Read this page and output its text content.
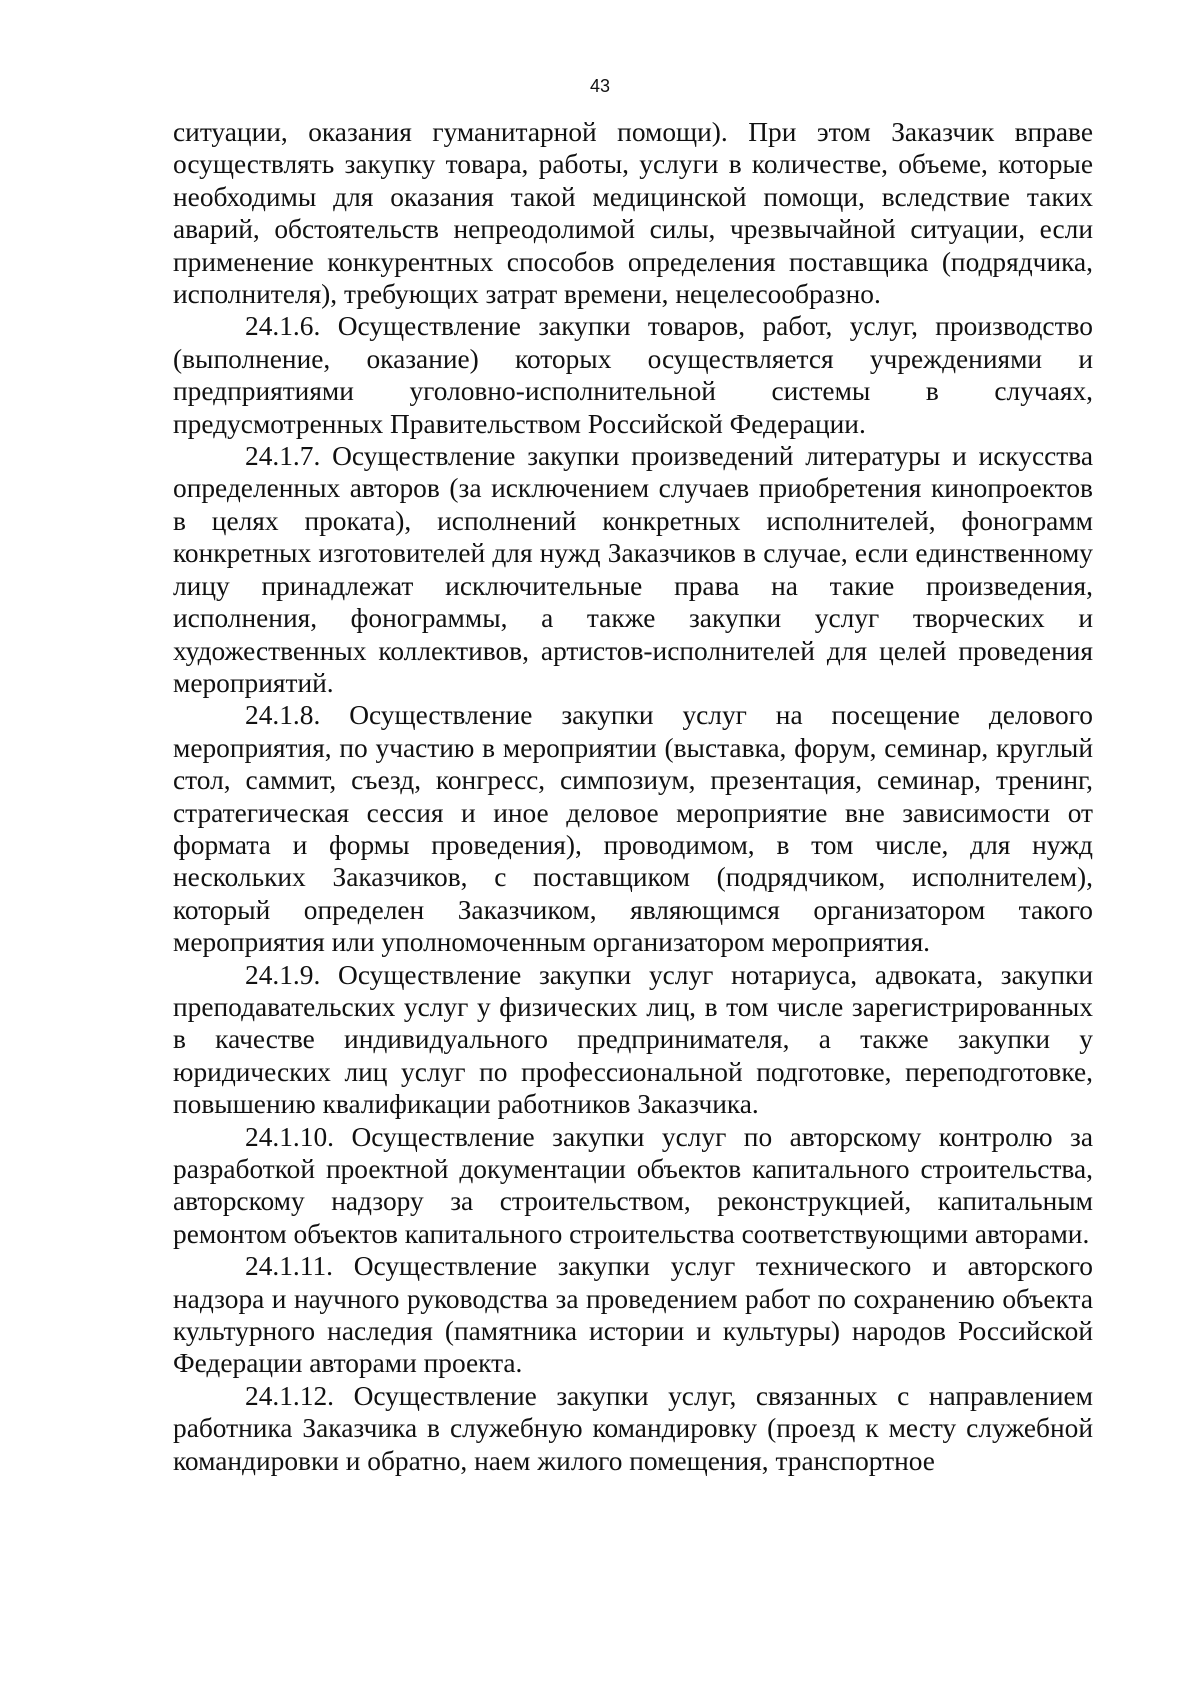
43

ситуации, оказания гуманитарной помощи). При этом Заказчик вправе осуществлять закупку товара, работы, услуги в количестве, объеме, которые необходимы для оказания такой медицинской помощи, вследствие таких аварий, обстоятельств непреодолимой силы, чрезвычайной ситуации, если применение конкурентных способов определения поставщика (подрядчика, исполнителя), требующих затрат времени, нецелесообразно.

24.1.6. Осуществление закупки товаров, работ, услуг, производство (выполнение, оказание) которых осуществляется учреждениями и предприятиями уголовно-исполнительной системы в случаях, предусмотренных Правительством Российской Федерации.

24.1.7. Осуществление закупки произведений литературы и искусства определенных авторов (за исключением случаев приобретения кинопроектов в целях проката), исполнений конкретных исполнителей, фонограмм конкретных изготовителей для нужд Заказчиков в случае, если единственному лицу принадлежат исключительные права на такие произведения, исполнения, фонограммы, а также закупки услуг творческих и художественных коллективов, артистов-исполнителей для целей проведения мероприятий.

24.1.8. Осуществление закупки услуг на посещение делового мероприятия, по участию в мероприятии (выставка, форум, семинар, круглый стол, саммит, съезд, конгресс, симпозиум, презентация, семинар, тренинг, стратегическая сессия и иное деловое мероприятие вне зависимости от формата и формы проведения), проводимом, в том числе, для нужд нескольких Заказчиков, с поставщиком (подрядчиком, исполнителем), который определен Заказчиком, являющимся организатором такого мероприятия или уполномоченным организатором мероприятия.

24.1.9. Осуществление закупки услуг нотариуса, адвоката, закупки преподавательских услуг у физических лиц, в том числе зарегистрированных в качестве индивидуального предпринимателя, а также закупки у юридических лиц услуг по профессиональной подготовке, переподготовке, повышению квалификации работников Заказчика.

24.1.10. Осуществление закупки услуг по авторскому контролю за разработкой проектной документации объектов капитального строительства, авторскому надзору за строительством, реконструкцией, капитальным ремонтом объектов капитального строительства соответствующими авторами.

24.1.11. Осуществление закупки услуг технического и авторского надзора и научного руководства за проведением работ по сохранению объекта культурного наследия (памятника истории и культуры) народов Российской Федерации авторами проекта.

24.1.12. Осуществление закупки услуг, связанных с направлением работника Заказчика в служебную командировку (проезд к месту служебной командировки и обратно, наем жилого помещения, транспортное
